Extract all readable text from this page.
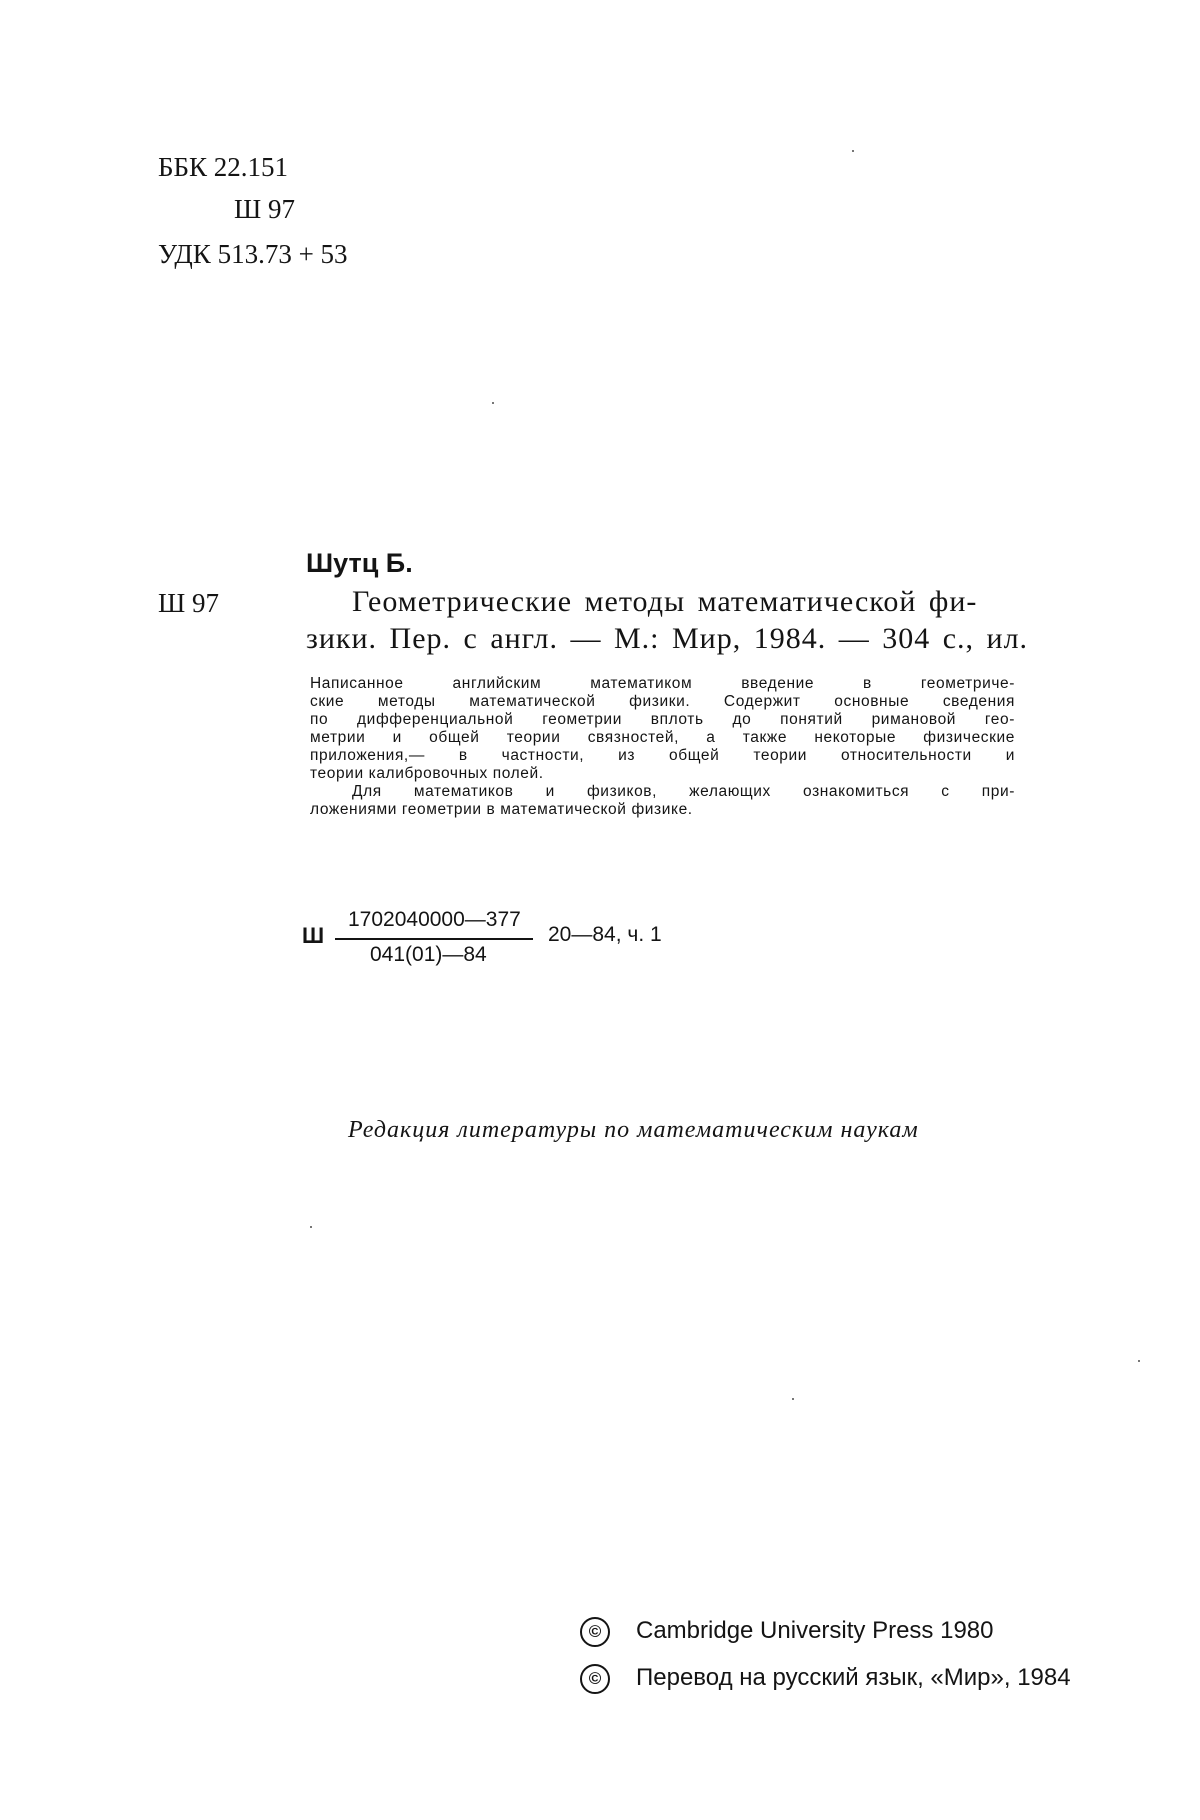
ББК 22.151
Ш 97
УДК 513.73 + 53
Шутц Б.
Ш 97	Геометрические методы математической фи-
зики. Пер. с англ. — М.: Мир, 1984. — 304 с., ил.
Написанное английским математиком введение в геометриче-
ские методы математической физики. Содержит основные сведения
по дифференциальной геометрии вплоть до понятий римановой гео-
метрии и общей теории связностей, а также некоторые физические
приложения,— в частности, из общей теории относительности и
теории калибровочных полей.
Для математиков и физиков, желающих ознакомиться с при-
ложениями геометрии в математической физике.
Ш
1702040000—377
041(01)—84
20—84, ч. 1
Редакция литературы по математическим наукам
©	Cambridge University Press 1980
©	Перевод на русский язык, «Мир», 1984
